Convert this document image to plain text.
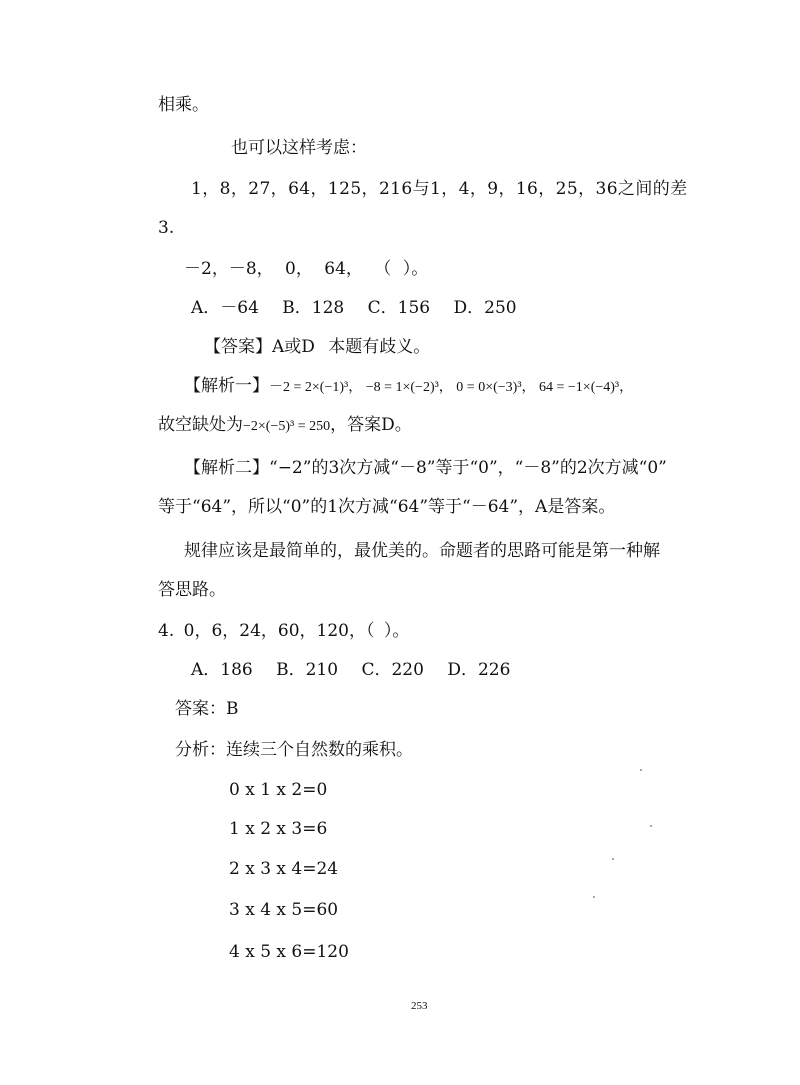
相乘。
也可以这样考虑：
1，8，27，64，125，216与1，4，9，16，25，36之间的差
3.
－2，－8， 0， 64， （ ）。
A．－64 B．128 C．156 D．250
【答案】A或D 本题有歧义。
【解析一】－2 = 2×(−1)³， −8 = 1×(−2)³， 0 = 0×(−3)³， 64 = −1×(−4)³，
故空缺处为−2×(−5)³ = 250，答案D。
【解析二】“−2”的3次方减“－8”等于“0”，“－8”的2次方减“0”
等于“64”，所以“0”的1次方减“64”等于“－64”，A是答案。
规律应该是最简单的，最优美的。命题者的思路可能是第一种解
答思路。
4. 0，6，24，60，120，（ ）。
A．186 B．210 C．220 D．226
答案：B
分析：连续三个自然数的乘积。
0 x 1 x 2=0
1 x 2 x 3=6
2 x 3 x 4=24
3 x 4 x 5=60
4 x 5 x 6=120
253
